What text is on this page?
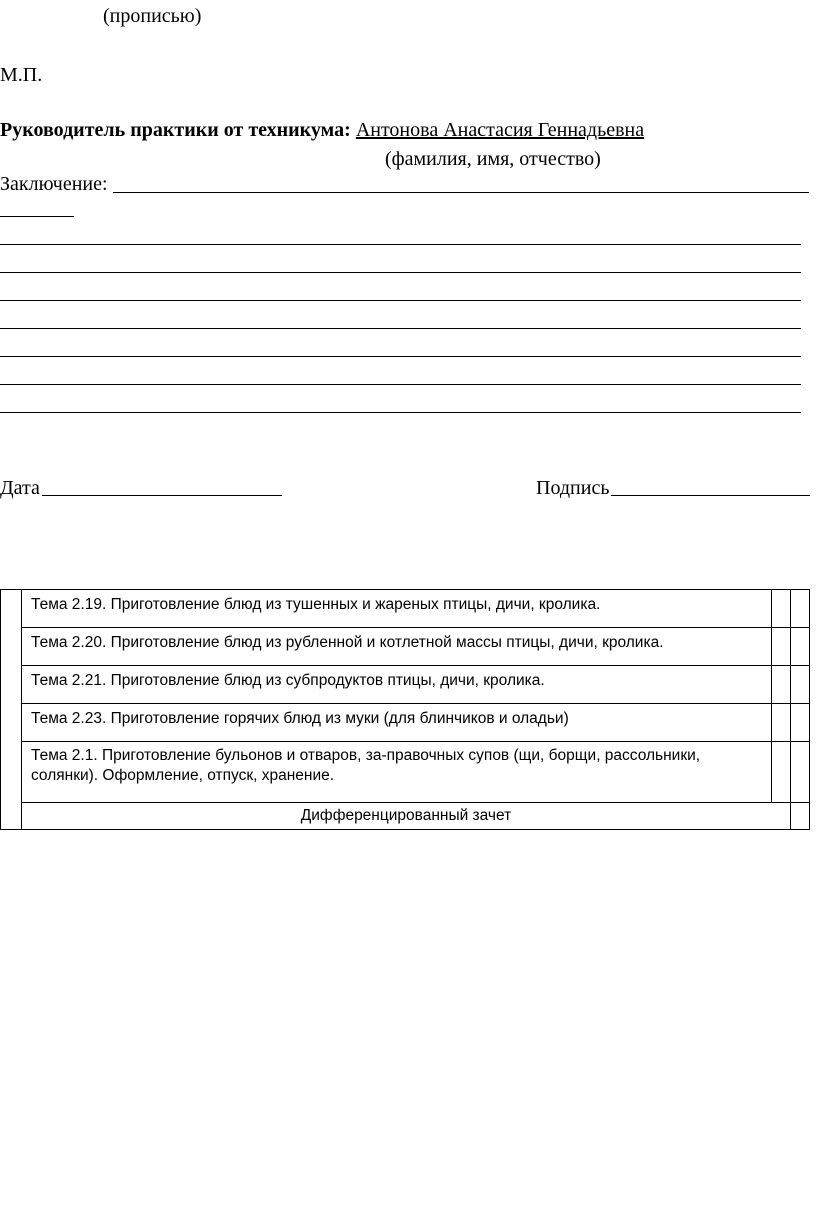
(прописью)
М.П.
Руководитель практики от техникума: Антонова Анастасия Геннадьевна
(фамилия, имя, отчество)
Заключение:
Дата	Подпись
Тема 2.19. Приготовление блюд из тушенных и жареных птицы, дичи, кролика.
Тема 2.20. Приготовление блюд из рубленной и котлетной массы птицы, дичи, кролика.
Тема 2.21. Приготовление блюд из субпродуктов птицы, дичи, кролика.
Тема 2.23. Приготовление горячих блюд из муки (для блинчиков и оладьи)
Тема 2.1. Приготовление бульонов и отваров, за-правочных супов (щи, борщи, рассольники, солянки). Оформление, отпуск, хранение.
Дифференцированный зачет
